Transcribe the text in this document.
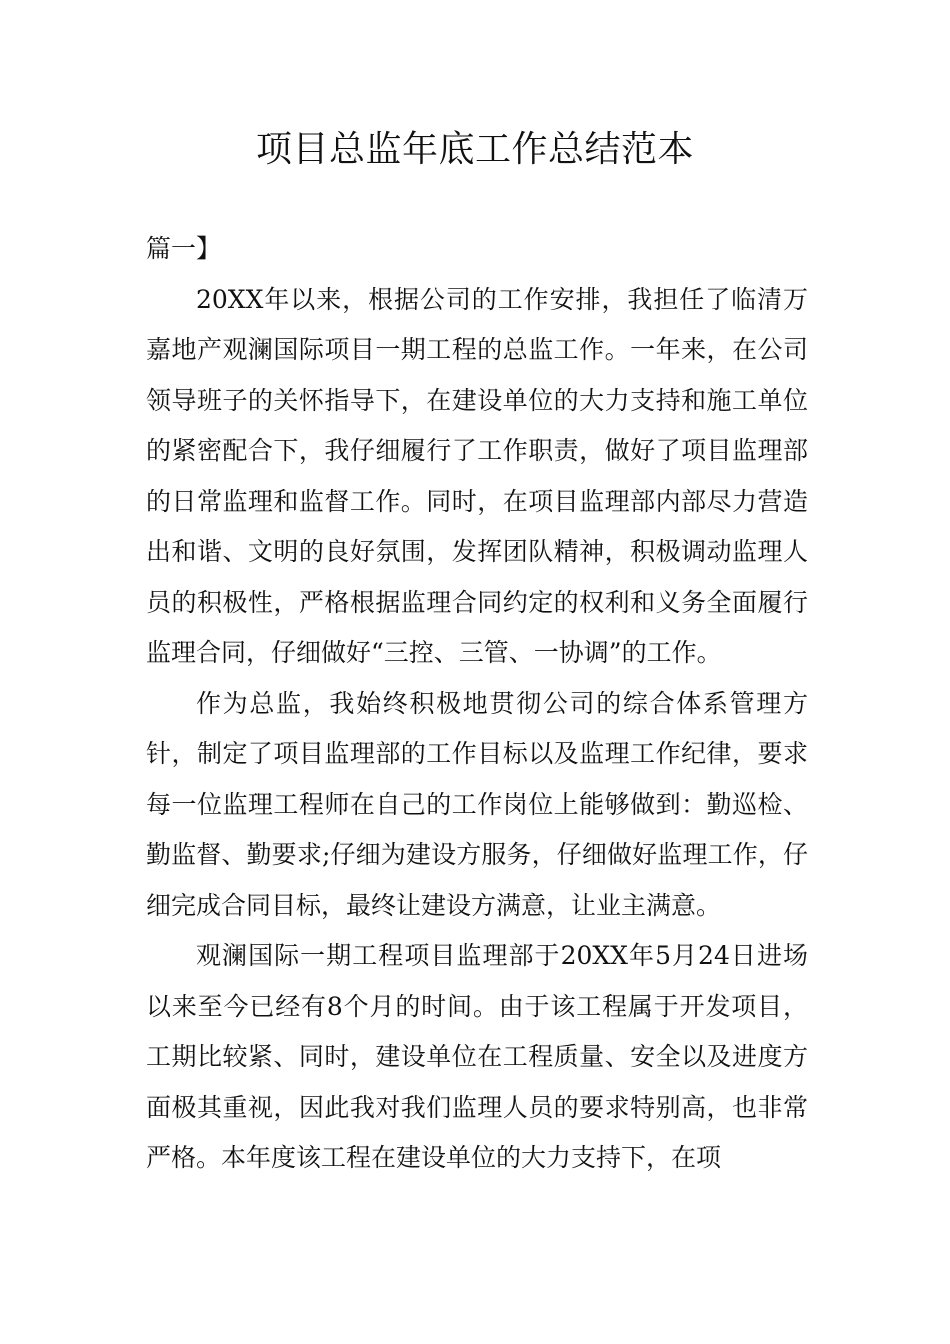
项目总监年底工作总结范本

篇一】

20XX年以来，根据公司的工作安排，我担任了临清万嘉地产观澜国际项目一期工程的总监工作。一年来，在公司领导班子的关怀指导下，在建设单位的大力支持和施工单位的紧密配合下，我仔细履行了工作职责，做好了项目监理部的日常监理和监督工作。同时，在项目监理部内部尽力营造出和谐、文明的良好氛围，发挥团队精神，积极调动监理人员的积极性，严格根据监理合同约定的权利和义务全面履行监理合同，仔细做好“三控、三管、一协调”的工作。

作为总监，我始终积极地贯彻公司的综合体系管理方针，制定了项目监理部的工作目标以及监理工作纪律，要求每一位监理工程师在自己的工作岗位上能够做到：勤巡检、勤监督、勤要求;仔细为建设方服务，仔细做好监理工作，仔细完成合同目标，最终让建设方满意，让业主满意。

观澜国际一期工程项目监理部于20XX年5月24日进场以来至今已经有8个月的时间。由于该工程属于开发项目，工期比较紧、同时，建设单位在工程质量、安全以及进度方面极其重视，因此我对我们监理人员的要求特别高，也非常严格。本年度该工程在建设单位的大力支持下，在项
